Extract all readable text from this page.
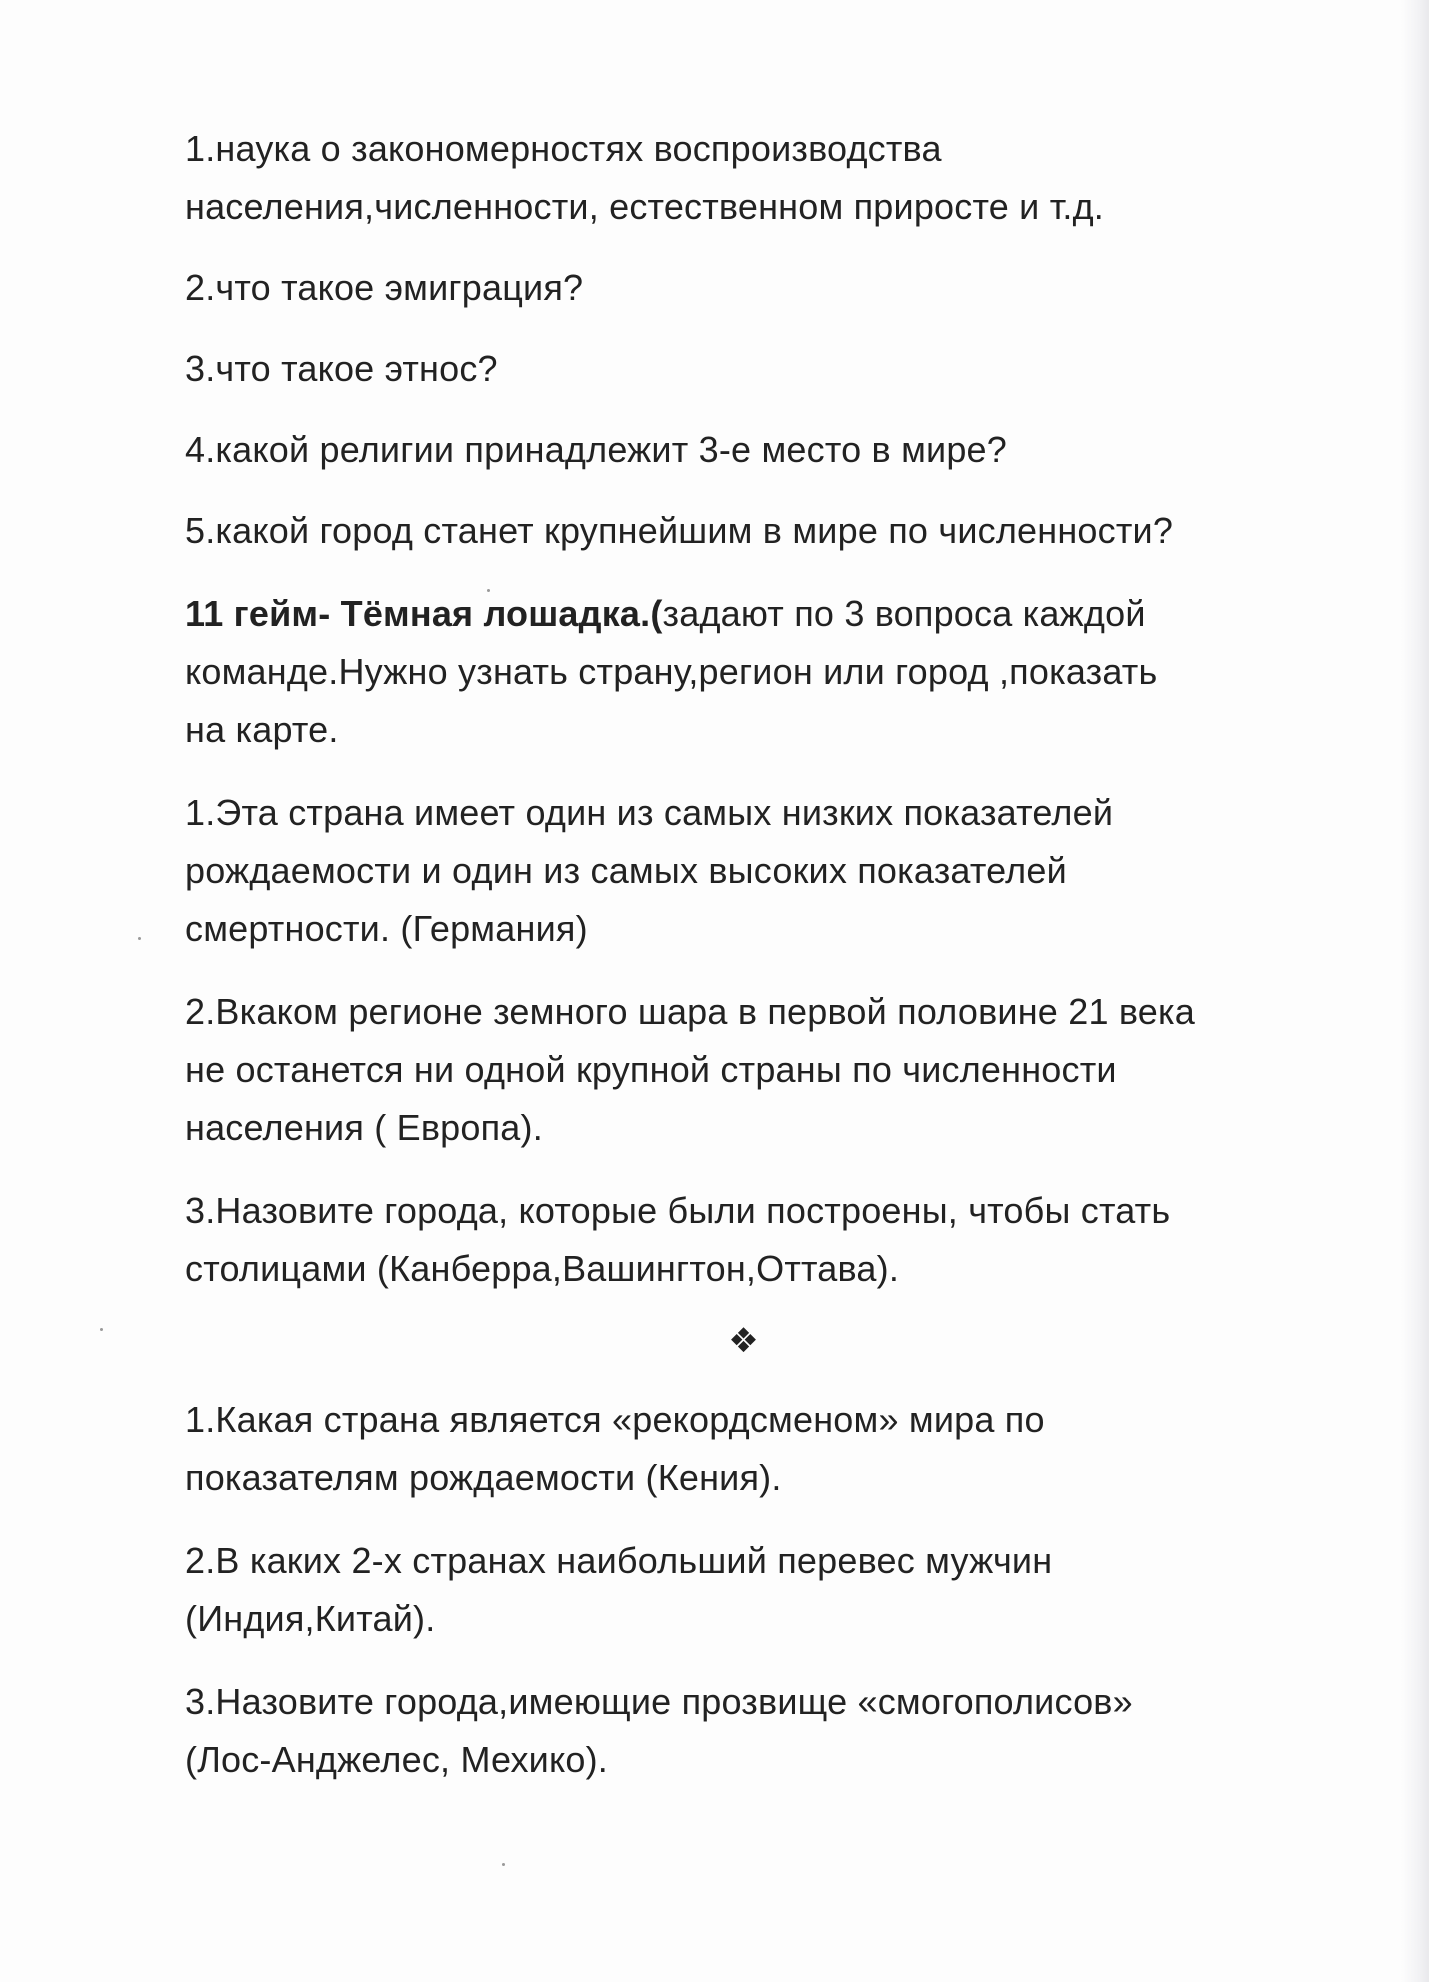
1.наука о закономерностях воспроизводства

населения,численности, естественном приросте и т.д.

2.что такое эмиграция?

3.что такое этнос?

4.какой религии принадлежит 3-е место в мире?

5.какой город станет крупнейшим в мире по численности?

11 гейм- Тёмная лошадка.(задают по 3 вопроса каждой

команде.Нужно узнать страну,регион или город ,показать

на карте.

1.Эта страна имеет один из самых низких показателей

рождаемости и один из самых высоких показателей

смертности. (Германия)

2.Вкаком регионе земного шара в первой половине 21 века

не останется ни одной крупной страны по численности

населения ( Европа).

3.Назовите города, которые были построены, чтобы стать

столицами (Канберра,Вашингтон,Оттава).

❖

1.Какая страна является «рекордсменом» мира по

показателям рождаемости (Кения).

2.В каких 2-х странах наибольший перевес мужчин

(Индия,Китай).

3.Назовите города,имеющие прозвище «смогополисов»

(Лос-Анджелес, Мехико).
